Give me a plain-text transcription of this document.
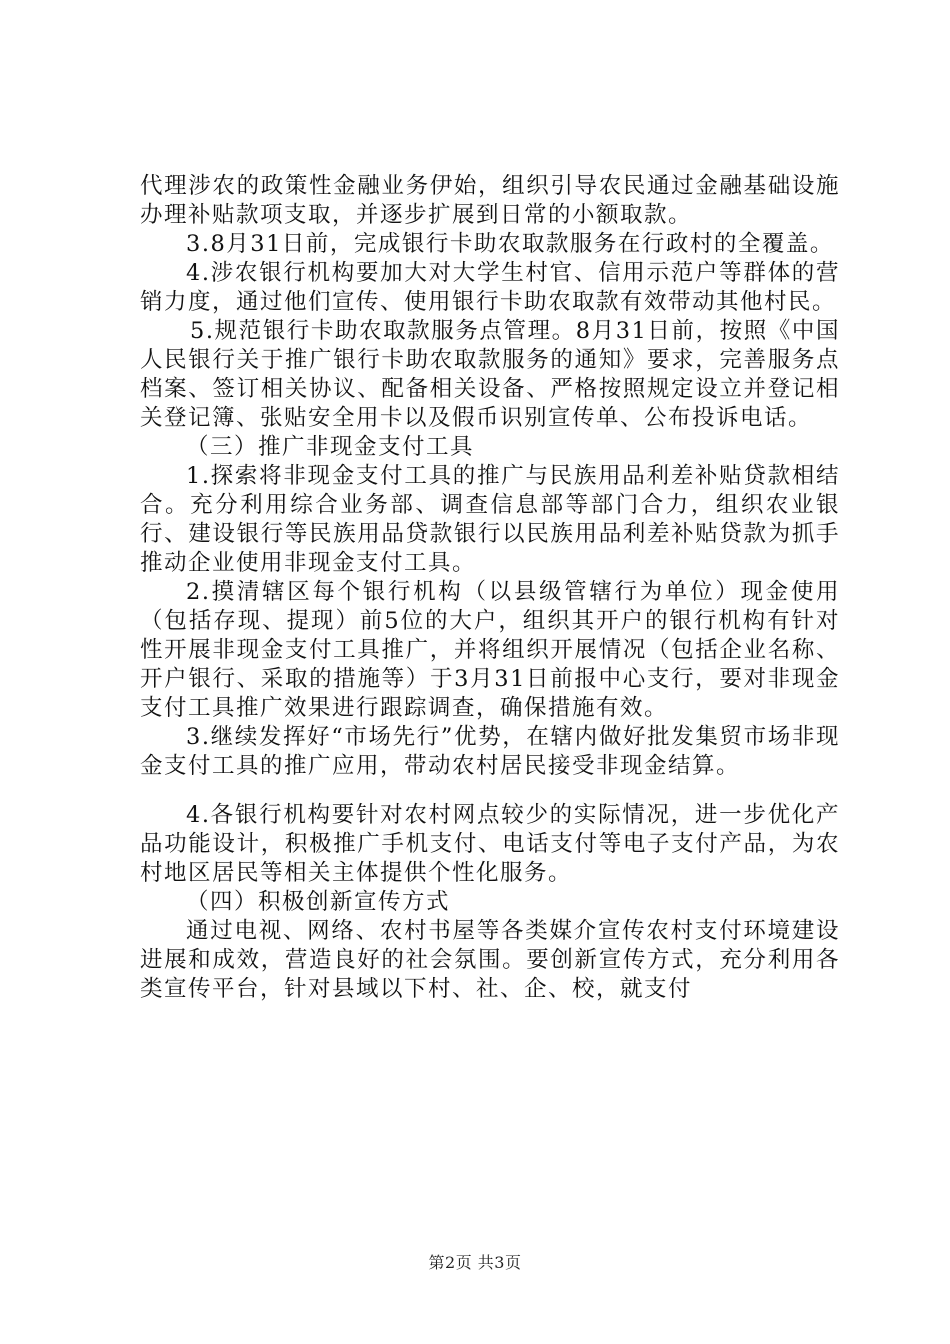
代理涉农的政策性金融业务伊始，组织引导农民通过金融基础设施办理补贴款项支取，并逐步扩展到日常的小额取款。

3.8月31日前，完成银行卡助农取款服务在行政村的全覆盖。

4.涉农银行机构要加大对大学生村官、信用示范户等群体的营销力度，通过他们宣传、使用银行卡助农取款有效带动其他村民。

5.规范银行卡助农取款服务点管理。8月31日前，按照《中国人民银行关于推广银行卡助农取款服务的通知》要求，完善服务点档案、签订相关协议、配备相关设备、严格按照规定设立并登记相关登记簿、张贴安全用卡以及假币识别宣传单、公布投诉电话。

（三）推广非现金支付工具

1.探索将非现金支付工具的推广与民族用品利差补贴贷款相结合。充分利用综合业务部、调查信息部等部门合力，组织农业银行、建设银行等民族用品贷款银行以民族用品利差补贴贷款为抓手推动企业使用非现金支付工具。

2.摸清辖区每个银行机构（以县级管辖行为单位）现金使用（包括存现、提现）前5位的大户，组织其开户的银行机构有针对性开展非现金支付工具推广，并将组织开展情况（包括企业名称、开户银行、采取的措施等）于3月31日前报中心支行，要对非现金支付工具推广效果进行跟踪调查，确保措施有效。

3.继续发挥好“市场先行”优势，在辖内做好批发集贸市场非现金支付工具的推广应用，带动农村居民接受非现金结算。

4.各银行机构要针对农村网点较少的实际情况，进一步优化产品功能设计，积极推广手机支付、电话支付等电子支付产品，为农村地区居民等相关主体提供个性化服务。

（四）积极创新宣传方式

通过电视、网络、农村书屋等各类媒介宣传农村支付环境建设进展和成效，营造良好的社会氛围。要创新宣传方式，充分利用各类宣传平台，针对县域以下村、社、企、校，就支付

第2页 共3页
